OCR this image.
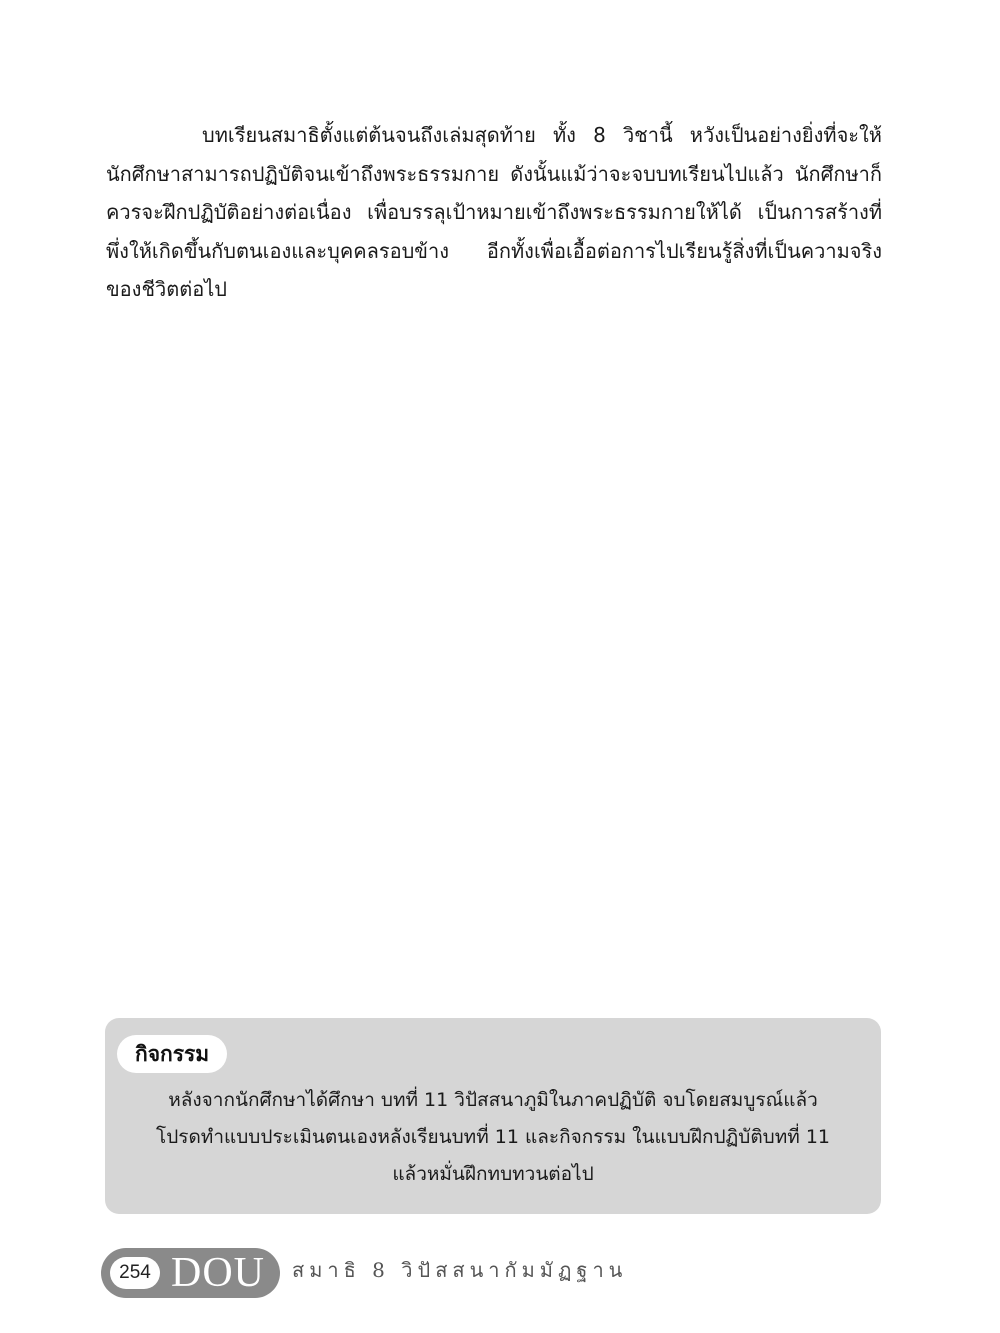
บทเรียนสมาธิตั้งแต่ต้นจนถึงเล่มสุดท้าย ทั้ง 8 วิชานี้ หวังเป็นอย่างยิ่งที่จะให้นักศึกษาสามารถปฏิบัติจนเข้าถึงพระธรรมกาย ดังนั้นแม้ว่าจะจบบทเรียนไปแล้ว นักศึกษาก็ควรจะฝึกปฏิบัติอย่างต่อเนื่อง เพื่อบรรลุเป้าหมายเข้าถึงพระธรรมกายให้ได้ เป็นการสร้างที่พึ่งให้เกิดขึ้นกับตนเองและบุคคลรอบข้าง อีกทั้งเพื่อเอื้อต่อการไปเรียนรู้สิ่งที่เป็นความจริงของชีวิตต่อไป

กิจกรรม
หลังจากนักศึกษาได้ศึกษา บทที่ 11 วิปัสสนาภูมิในภาคปฏิบัติ จบโดยสมบูรณ์แล้ว
โปรดทำแบบประเมินตนเองหลังเรียนบทที่ 11 และกิจกรรม ในแบบฝึกปฏิบัติบทที่ 11
แล้วหมั่นฝึกทบทวนต่อไป
254 DOU สมาธิ 8 วิปัสสนากัมมัฏฐาน
